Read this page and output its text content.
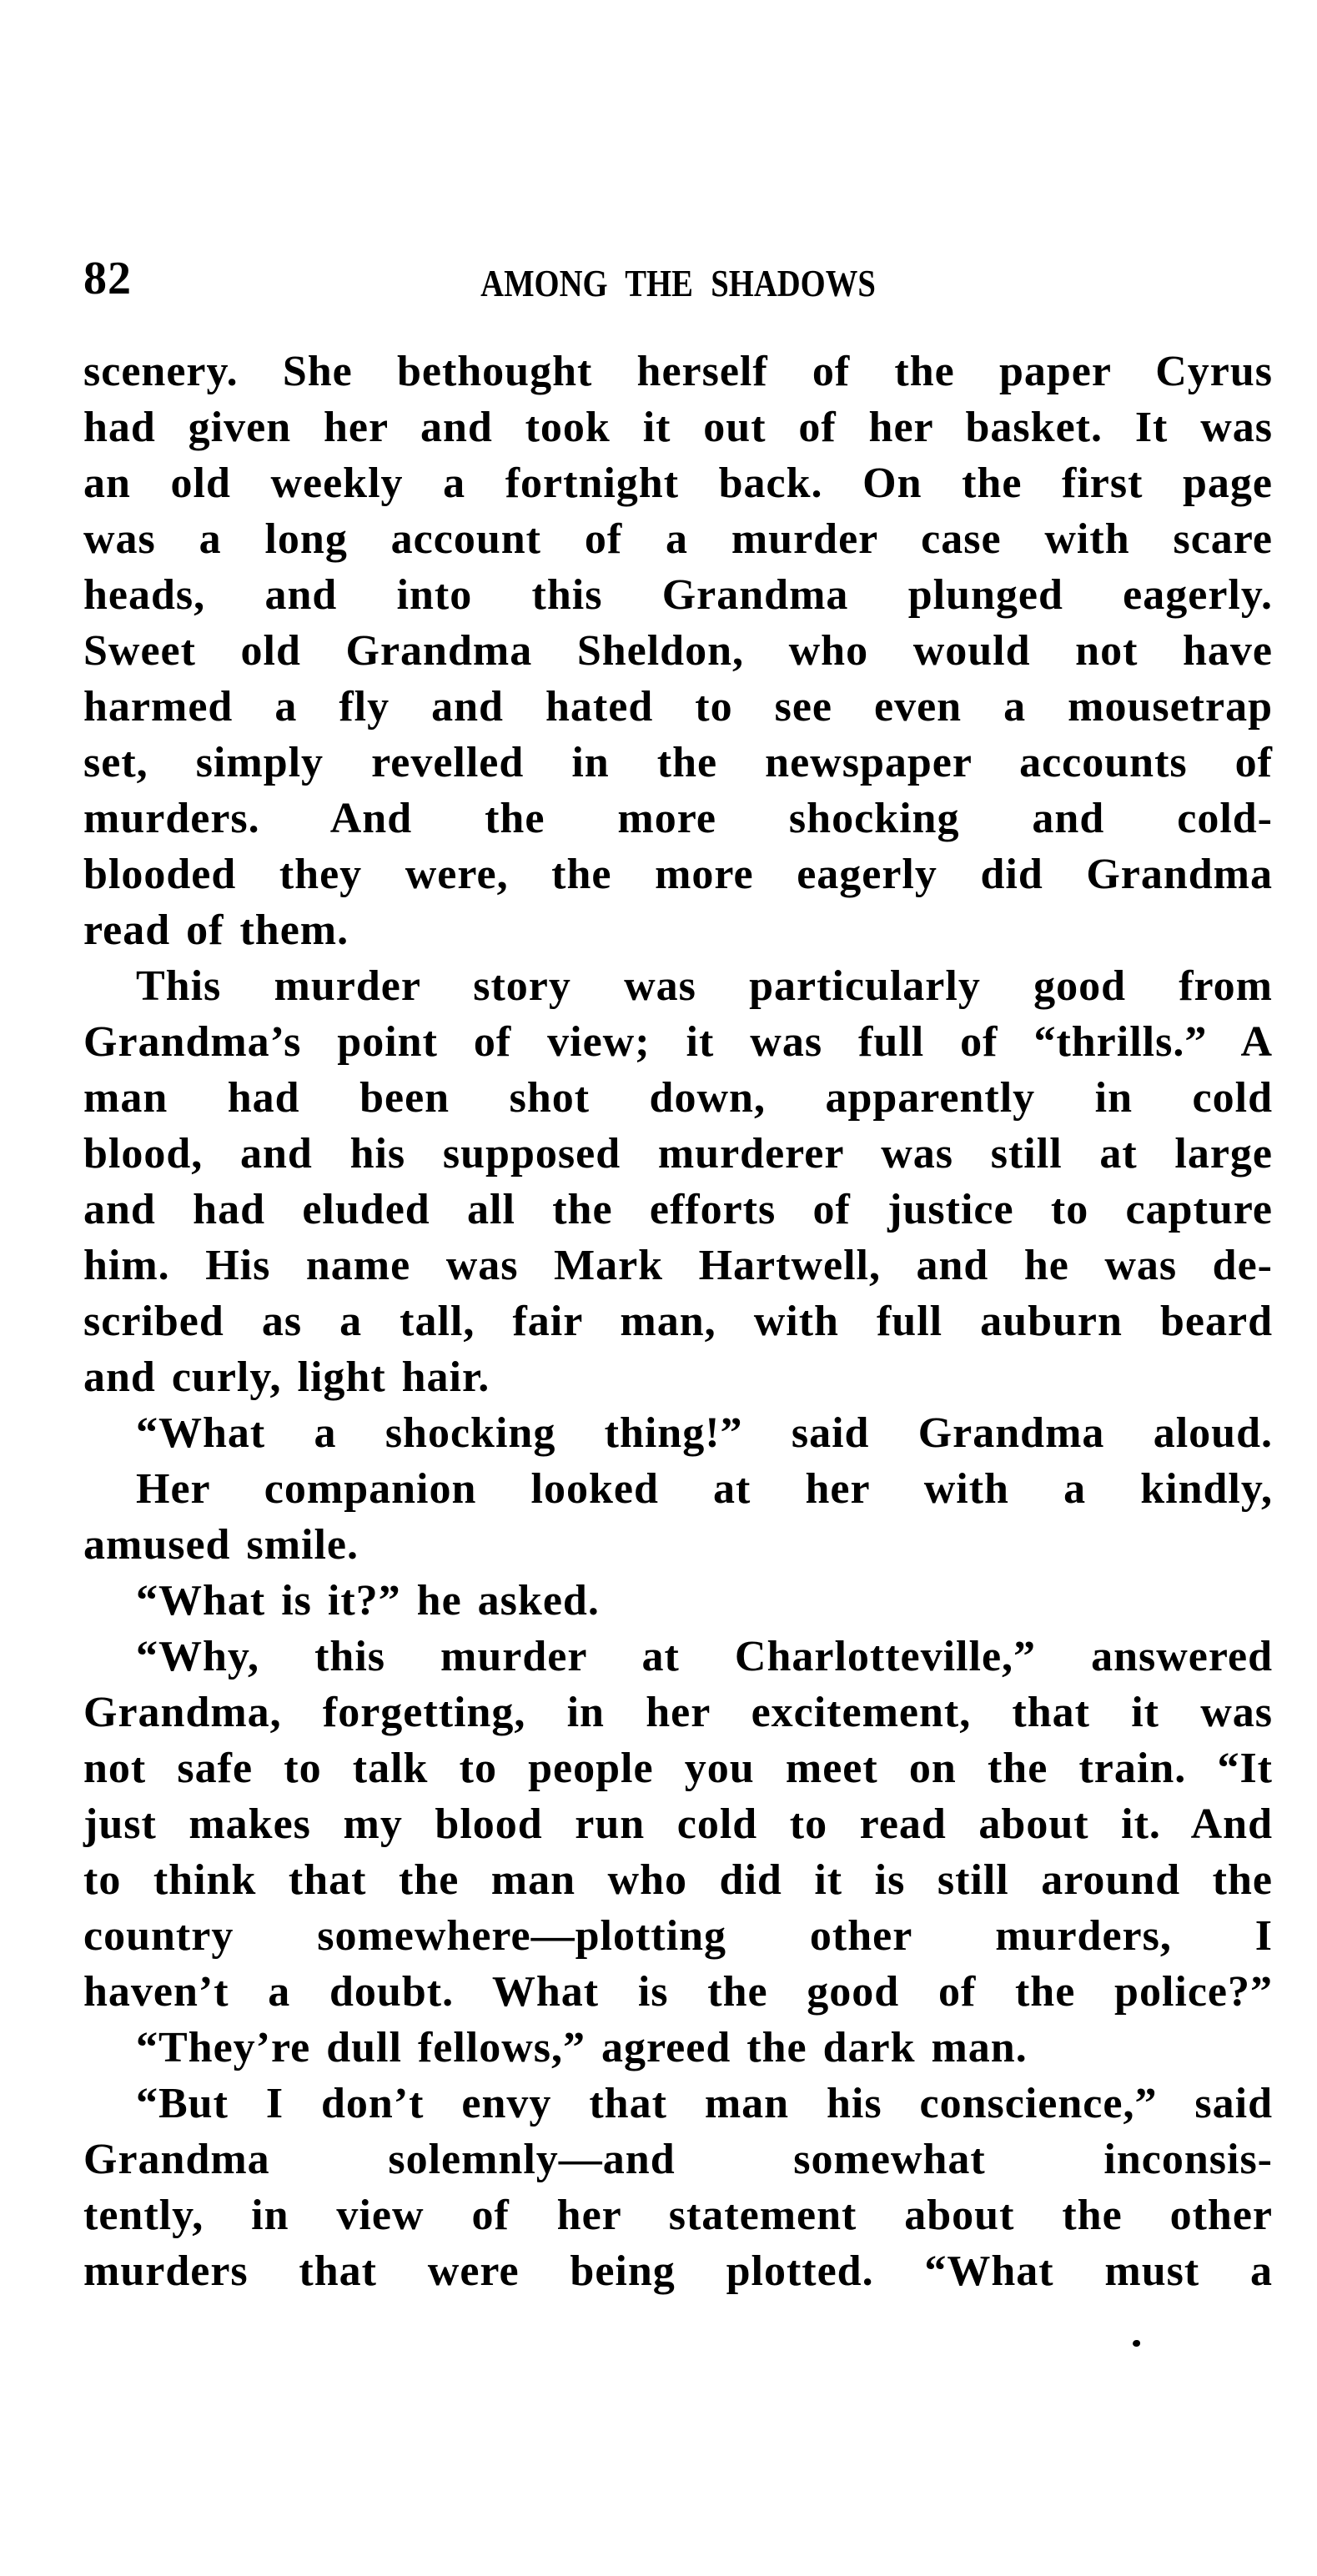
82	AMONG THE SHADOWS
scenery. She bethought herself of the paper Cyrus
had given her and took it out of her basket. It was
an old weekly a fortnight back. On the first page
was a long account of a murder case with scare
heads, and into this Grandma plunged eagerly.
Sweet old Grandma Sheldon, who would not have
harmed a fly and hated to see even a mousetrap
set, simply revelled in the newspaper accounts of
murders. And the more shocking and cold-
blooded they were, the more eagerly did Grandma
read of them.
This murder story was particularly good from
Grandma’s point of view; it was full of “thrills.” A
man had been shot down, apparently in cold
blood, and his supposed murderer was still at large
and had eluded all the efforts of justice to capture
him. His name was Mark Hartwell, and he was de-
scribed as a tall, fair man, with full auburn beard
and curly, light hair.
“What a shocking thing!” said Grandma aloud.
Her companion looked at her with a kindly,
amused smile.
“What is it?” he asked.
“Why, this murder at Charlotteville,” answered
Grandma, forgetting, in her excitement, that it was
not safe to talk to people you meet on the train. “It
just makes my blood run cold to read about it. And
to think that the man who did it is still around the
country somewhere—plotting other murders, I
haven’t a doubt. What is the good of the police?”
“They’re dull fellows,” agreed the dark man.
“But I don’t envy that man his conscience,” said
Grandma solemnly—and somewhat inconsis-
tently, in view of her statement about the other
murders that were being plotted. “What must a
